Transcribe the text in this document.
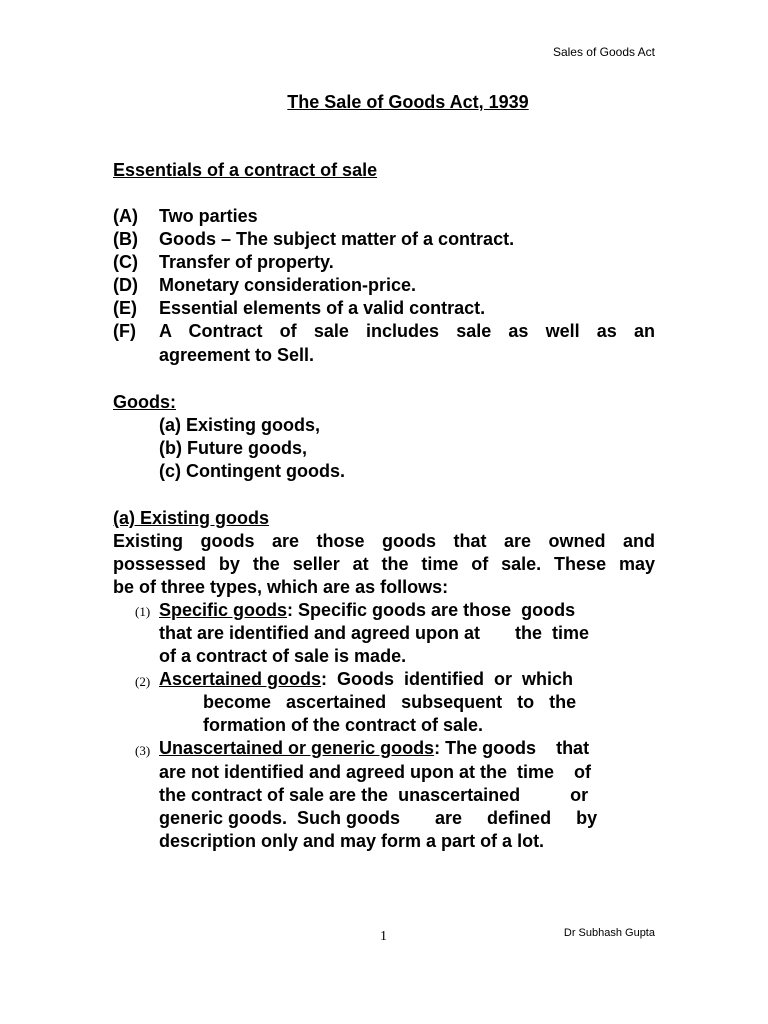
Sales of Goods Act
The Sale of Goods Act, 1939
Essentials of a contract of sale
(A) Two parties
(B) Goods – The subject matter of a contract.
(C) Transfer of property.
(D) Monetary consideration-price.
(E) Essential elements of a valid contract.
(F) A Contract of sale includes sale as well as an
agreement to Sell.
Goods:
(a) Existing goods,
(b) Future goods,
(c) Contingent goods.
(a) Existing goods
Existing goods are those goods that are owned and
possessed by the seller at the time of sale. These may
be of three types, which are as follows:
(1) Specific goods: Specific goods are those  goods
that are identified and agreed upon at       the  time
of a contract of sale is made.
(2) Ascertained goods:  Goods  identified  or  which
become   ascertained   subsequent   to   the
formation of the contract of sale.
(3) Unascertained or generic goods: The goods    that
are not identified and agreed upon at the  time    of
the contract of sale are the  unascertained          or
generic goods.  Such goods       are     defined     by
description only and may form a part of a lot.
1	Dr Subhash Gupta
